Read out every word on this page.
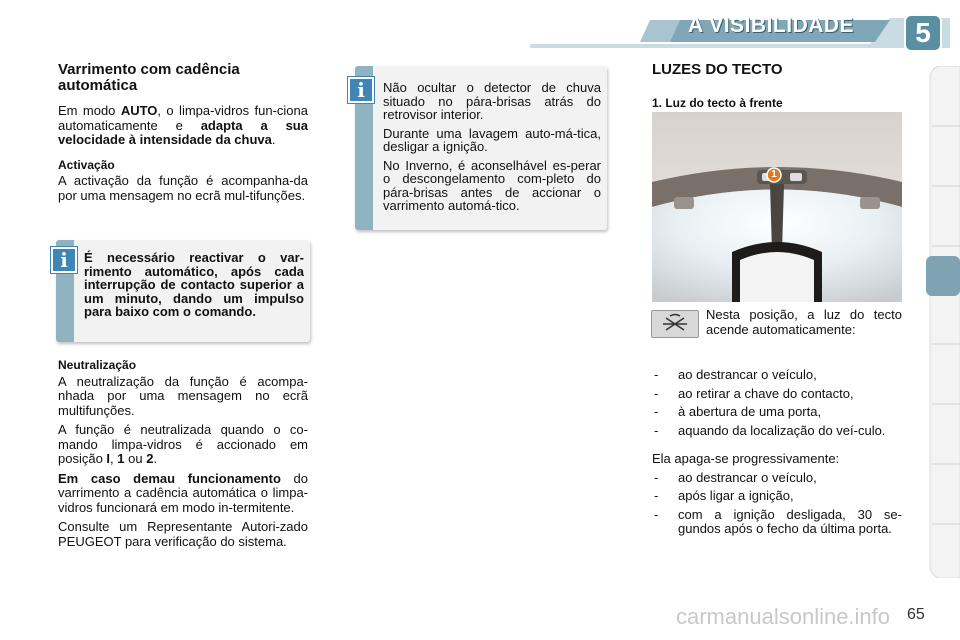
A VISIBILIDADE	5
Varrimento com cadência automática

Em modo AUTO, o limpa-vidros fun-ciona automaticamente e adapta a sua velocidade à intensidade da chuva.

Activação

A activação da função é acompanha-da por uma mensagem no ecrã mul-tifunções.

É necessário reactivar o var-rimento automático, após cada interrupção de contacto superior a um minuto, dando um impulso para baixo com o comando.
i
Neutralização

A neutralização da função é acompa-nhada por uma mensagem no ecrã multifunções.

A função é neutralizada quando o co-mando limpa-vidros é accionado em posição I, 1 ou 2.

Em caso demau funcionamento do varrimento a cadência automática o limpa-vidros funcionará em modo in-termitente.

Consulte um Representante Autori-zado PEUGEOT para verificação do sistema.

Não ocultar o detector de chuva situado no pára-brisas atrás do retrovisor interior.

Durante uma lavagem auto-má-tica, desligar a ignição.

No Inverno, é aconselhável es-perar o descongelamento com-pleto do pára-brisas antes de accionar o varrimento automá-tico.

i
LUZES DO TECTO
1. Luz do tecto à frente
1
Nesta posição, a luz do tecto acende automaticamente:
- ao destrancar o veículo,
- ao retirar a chave do contacto,
- à abertura de uma porta,
- aquando da localização do veí-culo.

Ela apaga-se progressivamente:

- ao destrancar o veículo,
- após ligar a ignição,
- com a ignição desligada, 30 se-gundos após o fecho da última porta.
carmanualsonline.info 65
